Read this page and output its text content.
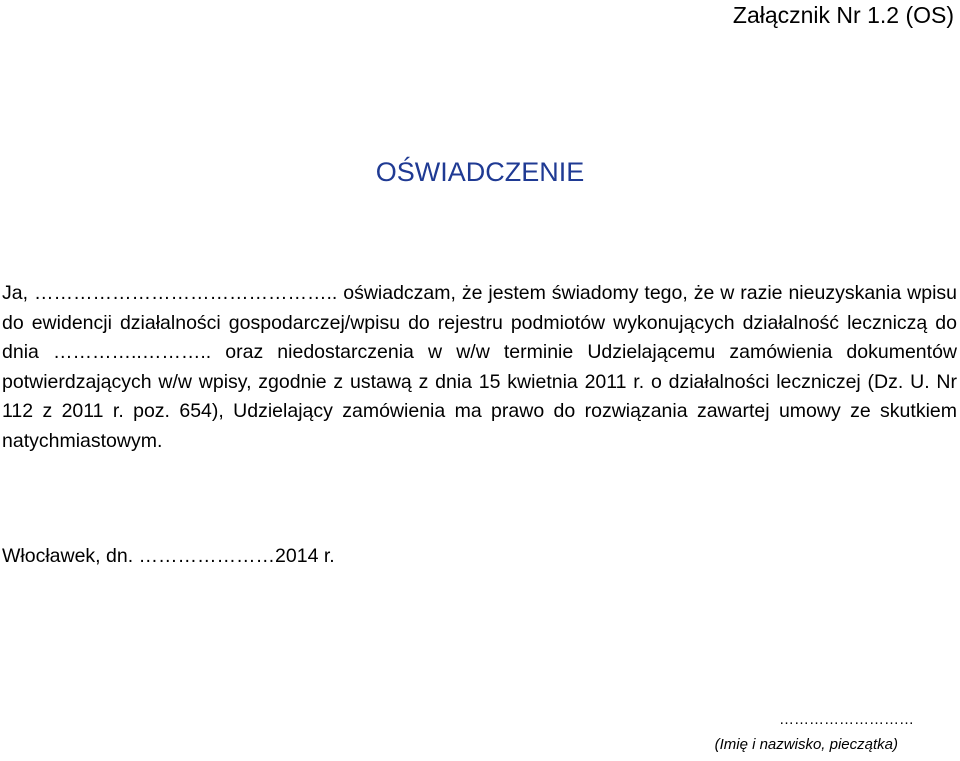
Załącznik Nr 1.2 (OS)
OŚWIADCZENIE
Ja, ……………………………………….. oświadczam, że jestem świadomy tego, że w razie nieuzyskania wpisu do ewidencji działalności gospodarczej/wpisu do rejestru podmiotów wykonujących działalność leczniczą do dnia …………..……….. oraz niedostarczenia w w/w terminie Udzielającemu zamówienia dokumentów potwierdzających w/w wpisy, zgodnie z ustawą z dnia 15 kwietnia 2011 r. o działalności leczniczej (Dz. U. Nr 112 z 2011 r. poz. 654), Udzielający zamówienia ma prawo do rozwiązania zawartej umowy ze skutkiem natychmiastowym.
Włocławek, dn. …………………2014 r.
………………………
(Imię i nazwisko, pieczątka)
